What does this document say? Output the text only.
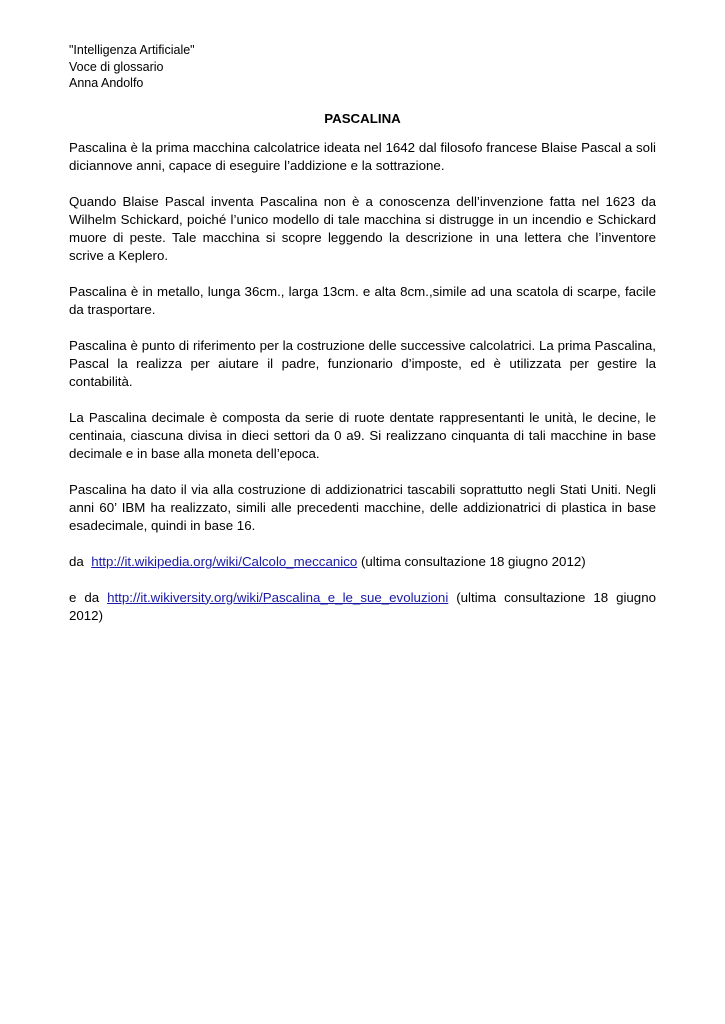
"Intelligenza Artificiale"

Voce di glossario

Anna Andolfo

PASCALINA

Pascalina è la prima macchina calcolatrice ideata nel 1642 dal filosofo francese Blaise Pascal a soli diciannove anni, capace di eseguire l’addizione e la sottrazione.

Quando Blaise Pascal inventa Pascalina non è a conoscenza dell’invenzione fatta nel 1623 da Wilhelm Schickard, poiché l’unico modello di tale macchina si distrugge in un incendio e Schickard muore di peste. Tale macchina si scopre leggendo la descrizione in una lettera che l’inventore scrive a Keplero.

Pascalina è in metallo, lunga 36cm., larga 13cm. e alta 8cm.,simile ad una scatola di scarpe, facile da trasportare.

Pascalina è punto di riferimento per la costruzione delle successive calcolatrici. La prima Pascalina, Pascal la realizza per aiutare il padre, funzionario d’imposte, ed è utilizzata per gestire la contabilità.

La Pascalina decimale è composta da serie di ruote dentate rappresentanti le unità, le decine, le centinaia, ciascuna divisa in dieci settori da 0 a9. Si realizzano cinquanta di tali macchine in base decimale e in base alla moneta dell’epoca.

Pascalina ha dato il via alla costruzione di addizionatrici tascabili soprattutto negli Stati Uniti. Negli anni 60’ IBM ha realizzato, simili alle precedenti macchine, delle addizionatrici di plastica in base esadecimale, quindi in base 16.

da  http://it.wikipedia.org/wiki/Calcolo_meccanico (ultima consultazione 18 giugno 2012)

e da http://it.wikiversity.org/wiki/Pascalina_e_le_sue_evoluzioni (ultima consultazione 18 giugno 2012)
